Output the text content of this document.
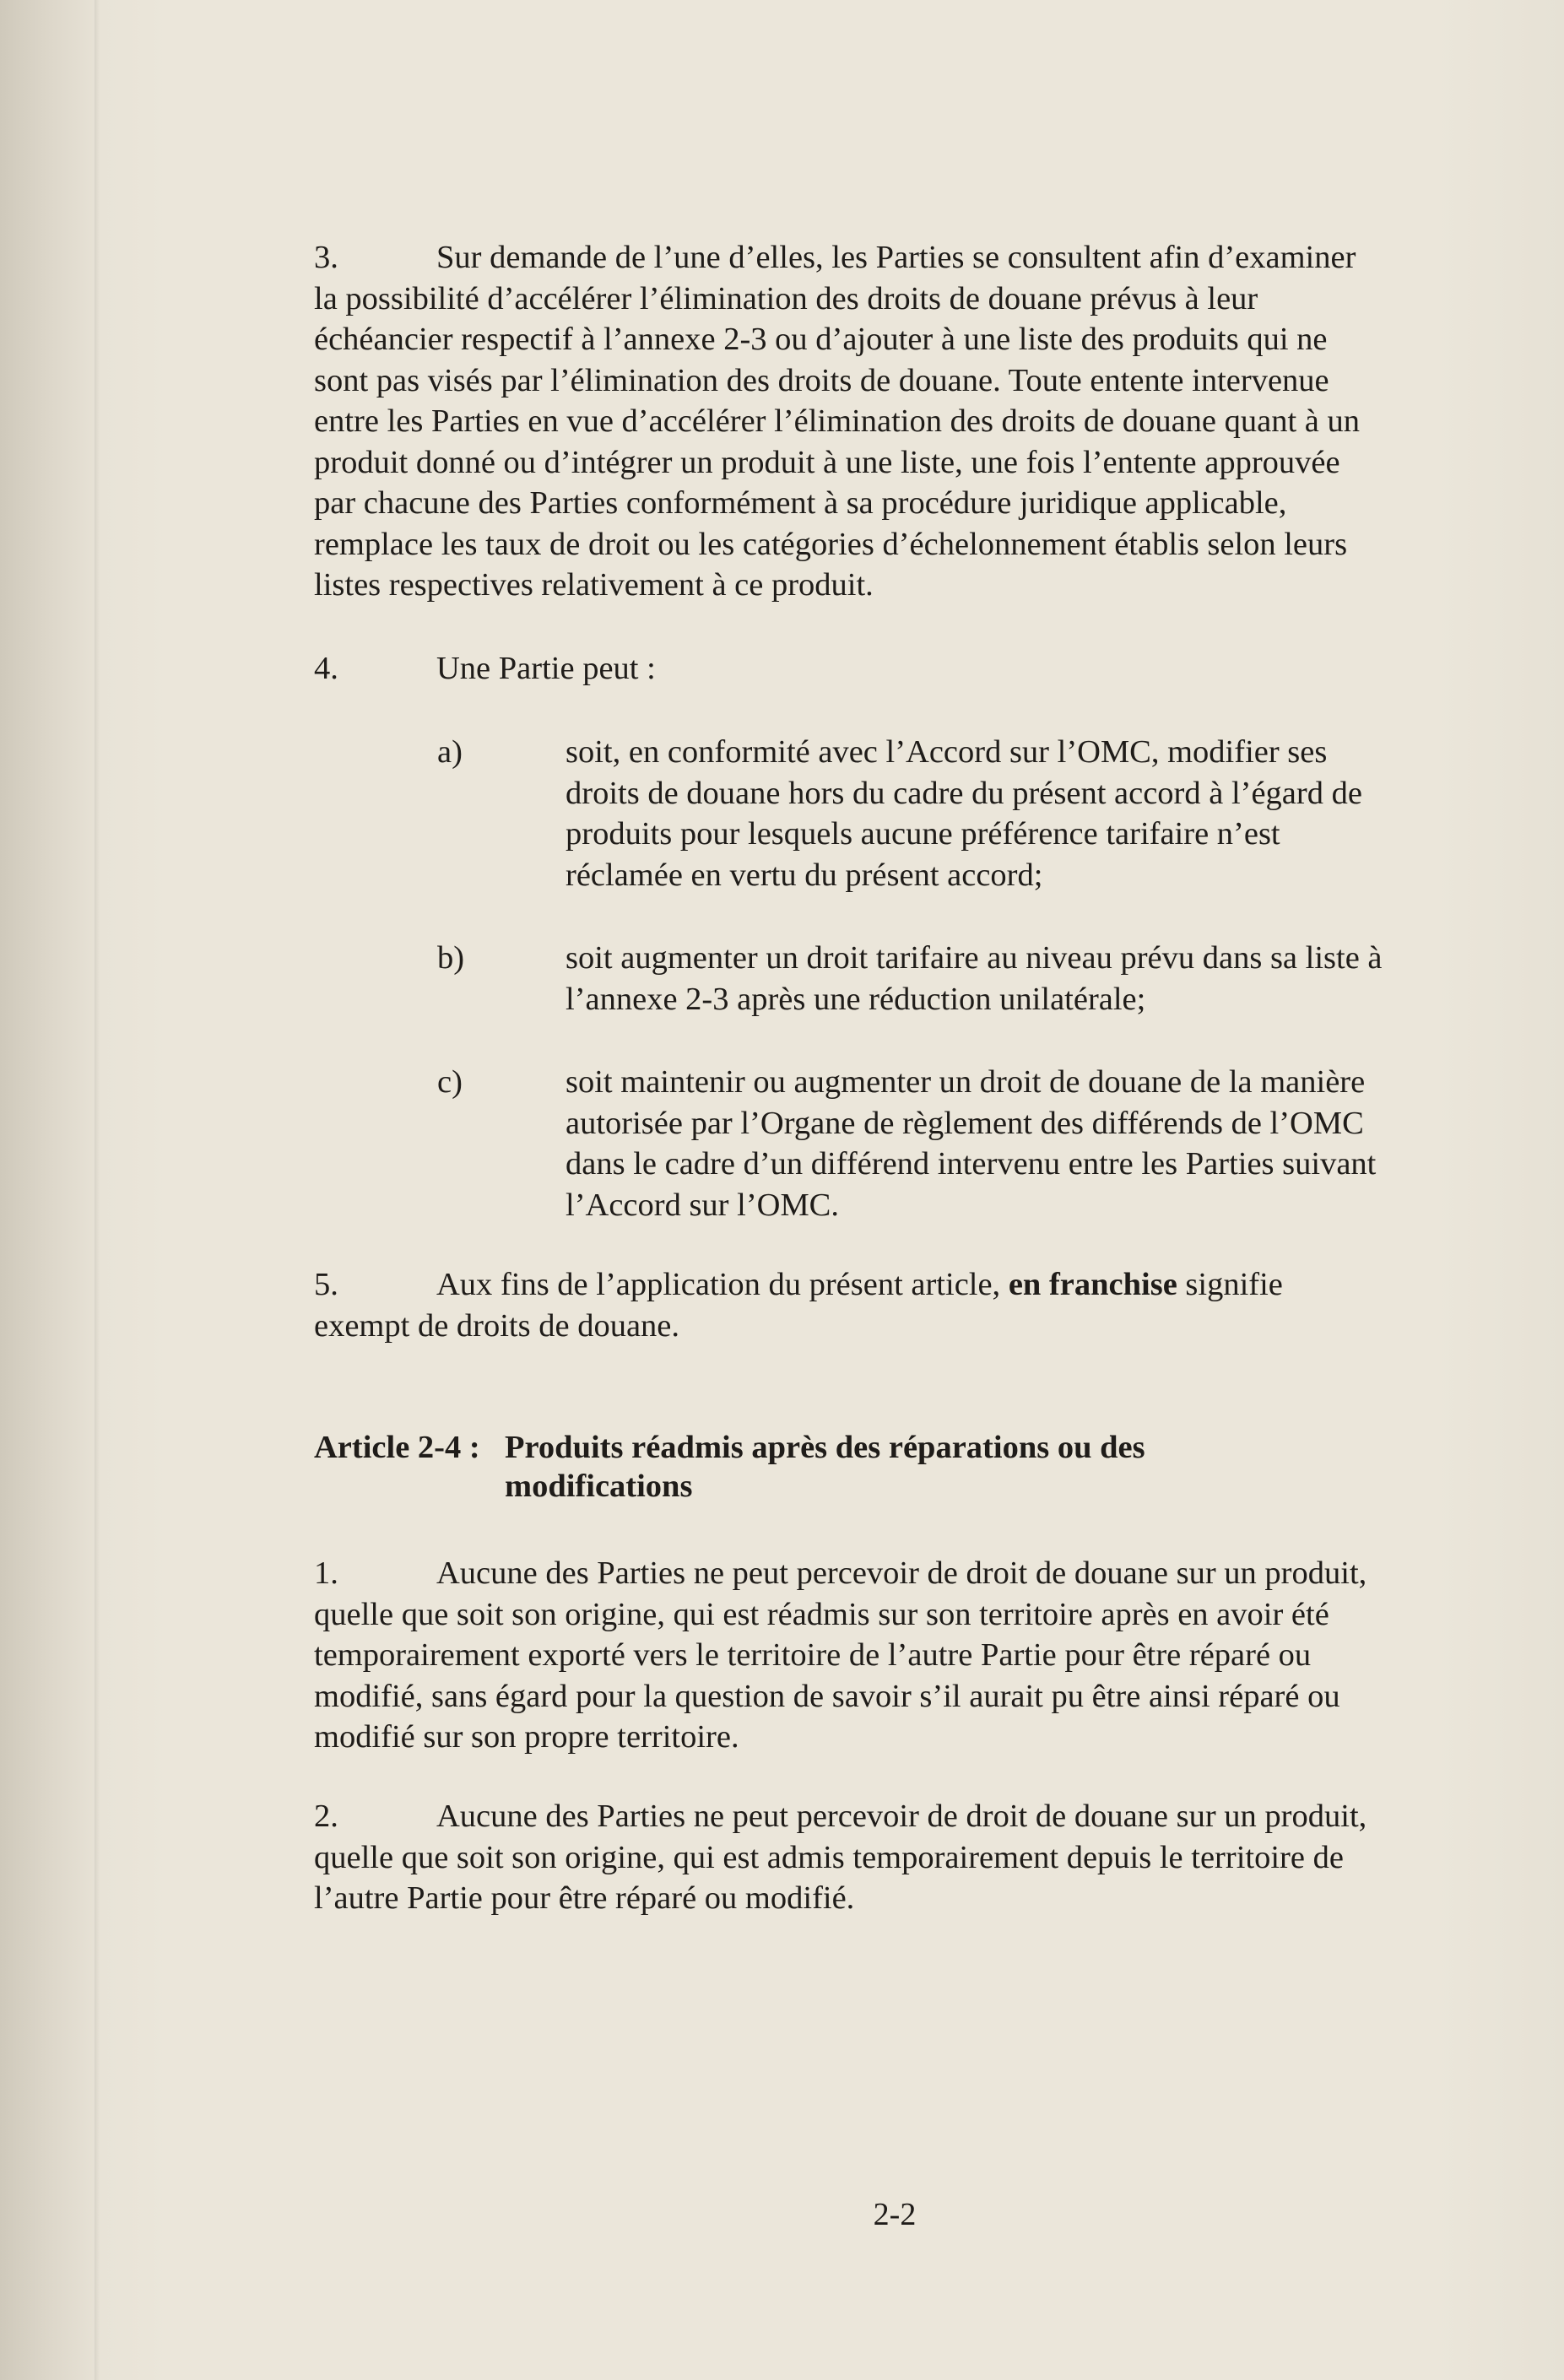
3.	Sur demande de l’une d’elles, les Parties se consultent afin d’examiner
la possibilité d’accélérer l’élimination des droits de douane prévus à leur
échéancier respectif à l’annexe 2-3 ou d’ajouter à une liste des produits qui ne
sont pas visés par l’élimination des droits de douane. Toute entente intervenue
entre les Parties en vue d’accélérer l’élimination des droits de douane quant à un
produit donné ou d’intégrer un produit à une liste, une fois l’entente approuvée
par chacune des Parties conformément à sa procédure juridique applicable,
remplace les taux de droit ou les catégories d’échelonnement établis selon leurs
listes respectives relativement à ce produit.
4.	Une Partie peut :
a)	soit, en conformité avec l’Accord sur l’OMC, modifier ses
droits de douane hors du cadre du présent accord à l’égard de
produits pour lesquels aucune préférence tarifaire n’est
réclamée en vertu du présent accord;
b)	soit augmenter un droit tarifaire au niveau prévu dans sa liste à
l’annexe 2-3 après une réduction unilatérale;
c)	soit maintenir ou augmenter un droit de douane de la manière
autorisée par l’Organe de règlement des différends de l’OMC
dans le cadre d’un différend intervenu entre les Parties suivant
l’Accord sur l’OMC.
5.	Aux fins de l’application du présent article, en franchise signifie
exempt de droits de douane.
Article 2-4 : Produits réadmis après des réparations ou des
modifications
1.	Aucune des Parties ne peut percevoir de droit de douane sur un produit,
quelle que soit son origine, qui est réadmis sur son territoire après en avoir été
temporairement exporté vers le territoire de l’autre Partie pour être réparé ou
modifié, sans égard pour la question de savoir s’il aurait pu être ainsi réparé ou
modifié sur son propre territoire.
2.	Aucune des Parties ne peut percevoir de droit de douane sur un produit,
quelle que soit son origine, qui est admis temporairement depuis le territoire de
l’autre Partie pour être réparé ou modifié.
2-2
